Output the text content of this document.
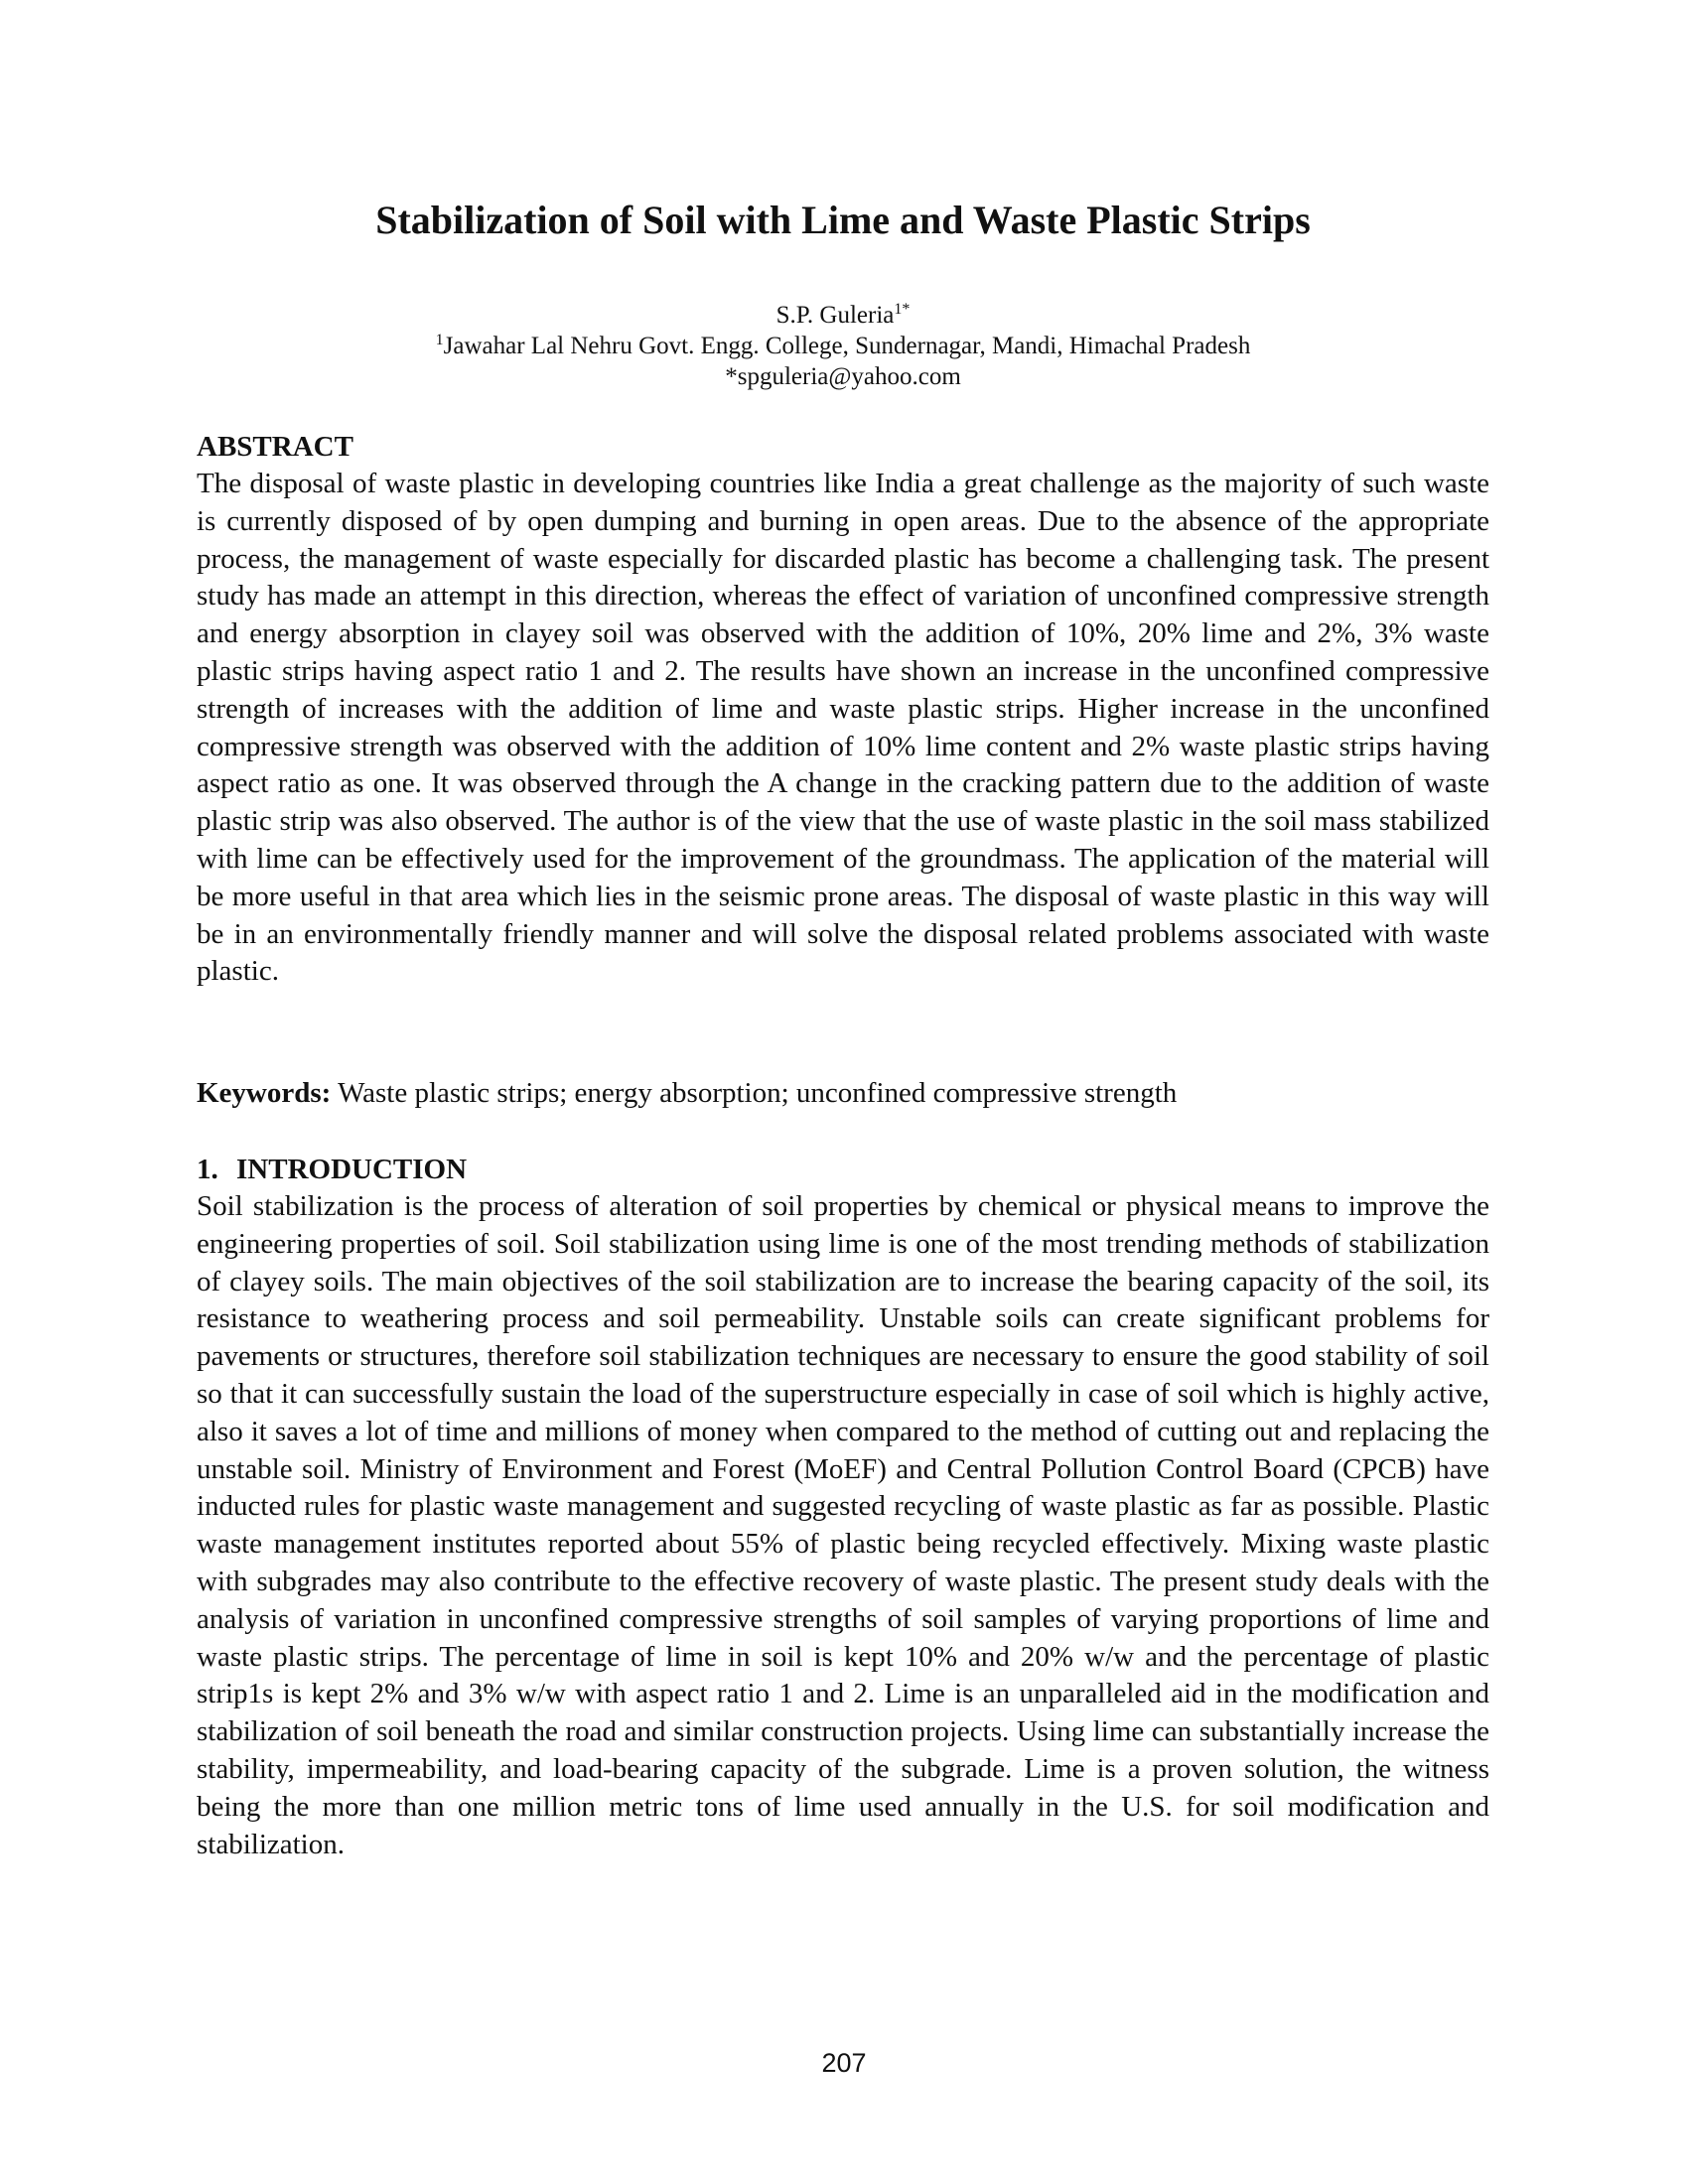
Stabilization of Soil with Lime and Waste Plastic Strips
S.P. Guleria$^{1*}$
$^1$Jawahar Lal Nehru Govt. Engg. College, Sundernagar, Mandi, Himachal Pradesh
*spguleria@yahoo.com
ABSTRACT

The disposal of waste plastic in developing countries like India a great challenge as the majority of such waste is currently disposed of by open dumping and burning in open areas. Due to the absence of the appropriate process, the management of waste especially for discarded plastic has become a challenging task. The present study has made an attempt in this direction, whereas the effect of variation of unconfined compressive strength and energy absorption in clayey soil was observed with the addition of 10%, 20% lime and 2%, 3% waste plastic strips having aspect ratio 1 and 2. The results have shown an increase in the unconfined compressive strength of increases with the addition of lime and waste plastic strips. Higher increase in the unconfined compressive strength was observed with the addition of 10% lime content and 2% waste plastic strips having aspect ratio as one. It was observed through the A change in the cracking pattern due to the addition of waste plastic strip was also observed. The author is of the view that the use of waste plastic in the soil mass stabilized with lime can be effectively used for the improvement of the groundmass. The application of the material will be more useful in that area which lies in the seismic prone areas. The disposal of waste plastic in this way will be in an environmentally friendly manner and will solve the disposal related problems associated with waste plastic.

Keywords: Waste plastic strips; energy absorption; unconfined compressive strength
1. INTRODUCTION

Soil stabilization is the process of alteration of soil properties by chemical or physical means to improve the engineering properties of soil. Soil stabilization using lime is one of the most trending methods of stabilization of clayey soils. The main objectives of the soil stabilization are to increase the bearing capacity of the soil, its resistance to weathering process and soil permeability. Unstable soils can create significant problems for pavements or structures, therefore soil stabilization techniques are necessary to ensure the good stability of soil so that it can successfully sustain the load of the superstructure especially in case of soil which is highly active, also it saves a lot of time and millions of money when compared to the method of cutting out and replacing the unstable soil. Ministry of Environment and Forest (MoEF) and Central Pollution Control Board (CPCB) have inducted rules for plastic waste management and suggested recycling of waste plastic as far as possible. Plastic waste management institutes reported about 55% of plastic being recycled effectively. Mixing waste plastic with subgrades may also contribute to the effective recovery of waste plastic. The present study deals with the analysis of variation in unconfined compressive strengths of soil samples of varying proportions of lime and waste plastic strips. The percentage of lime in soil is kept 10% and 20% w/w and the percentage of plastic strip1s is kept 2% and 3% w/w with aspect ratio 1 and 2. Lime is an unparalleled aid in the modification and stabilization of soil beneath the road and similar construction projects. Using lime can substantially increase the stability, impermeability, and load-bearing capacity of the subgrade. Lime is a proven solution, the witness being the more than one million metric tons of lime used annually in the U.S. for soil modification and stabilization.

207
